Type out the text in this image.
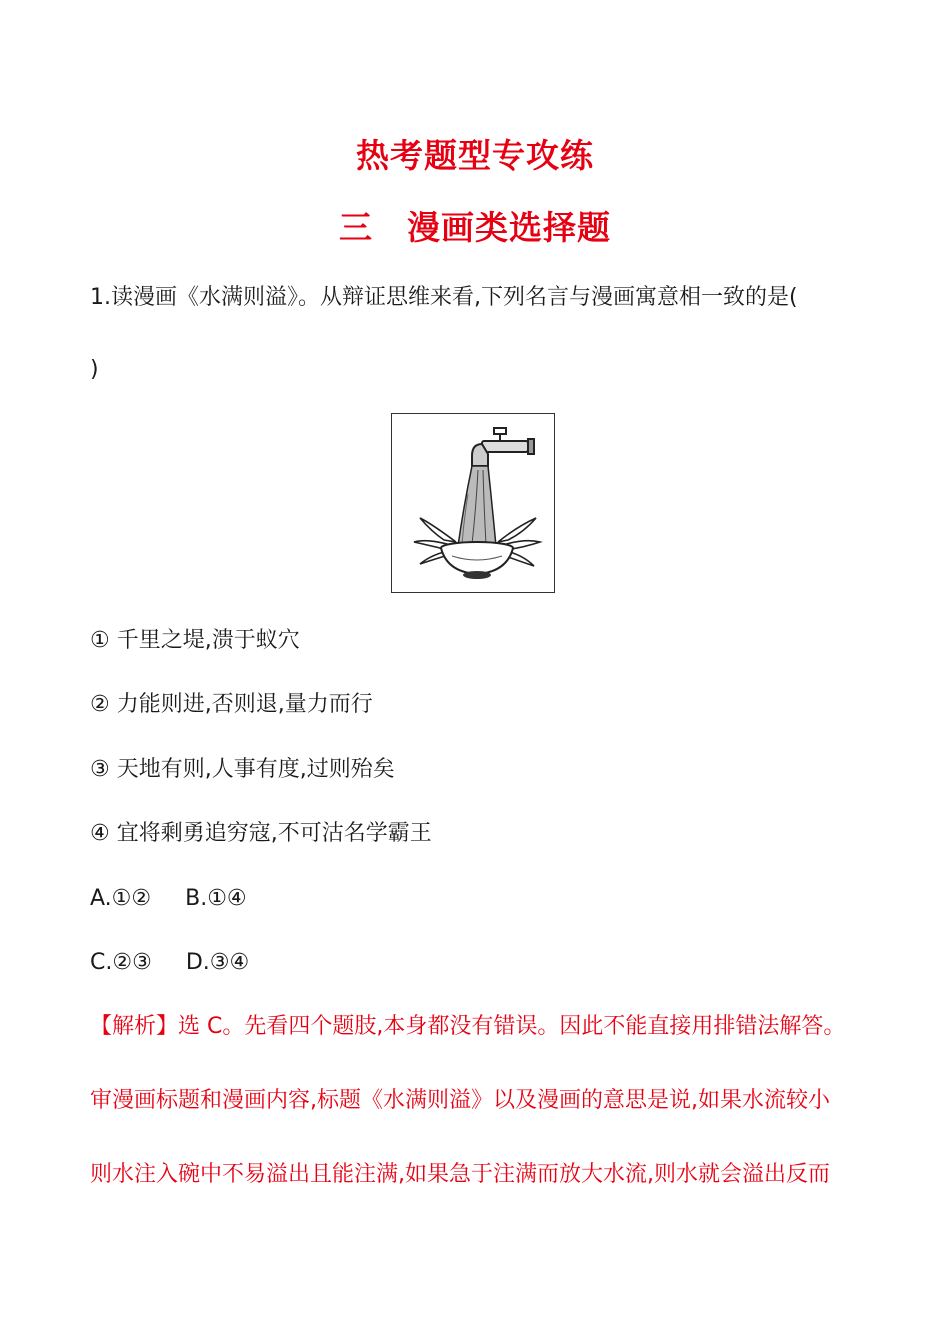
热考题型专攻练
三　漫画类选择题
1.读漫画《水满则溢》。从辩证思维来看,下列名言与漫画寓意相一致的是(
)
① 千里之堤,溃于蚁穴
② 力能则进,否则退,量力而行
③ 天地有则,人事有度,过则殆矣
④ 宜将剩勇追穷寇,不可沽名学霸王
A.①② B.①④
C.②③ D.③④
【解析】选 C。先看四个题肢,本身都没有错误。因此不能直接用排错法解答。
审漫画标题和漫画内容,标题《水满则溢》以及漫画的意思是说,如果水流较小
则水注入碗中不易溢出且能注满,如果急于注满而放大水流,则水就会溢出反而
